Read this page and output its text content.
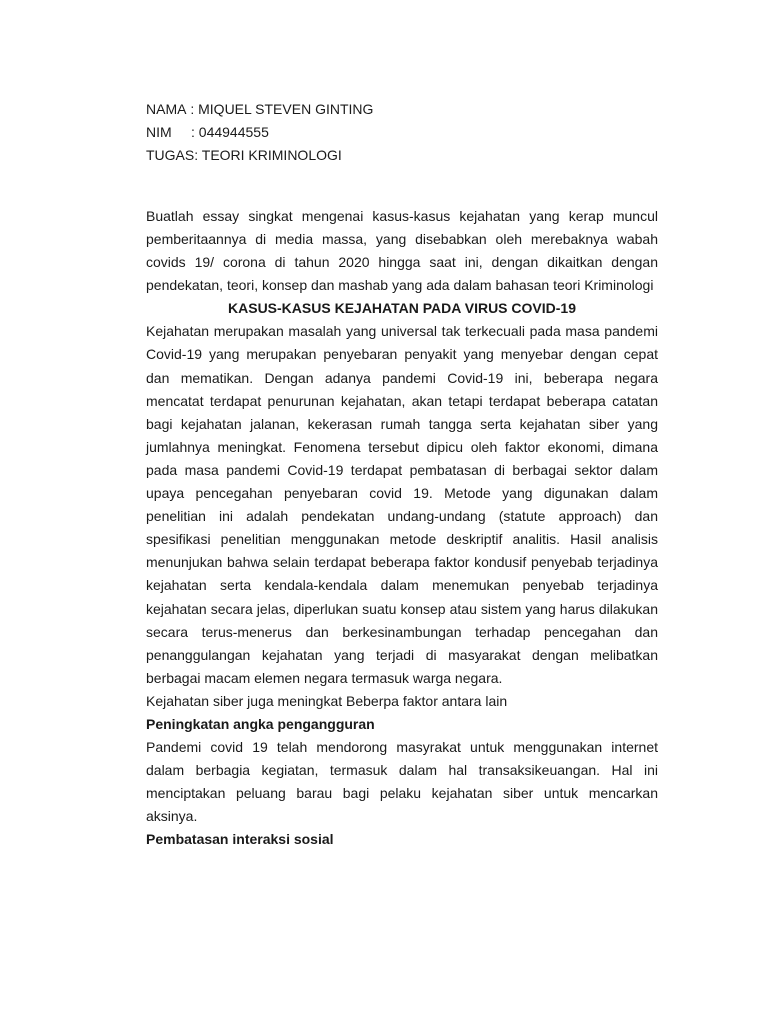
NAMA : MIQUEL STEVEN GINTING
NIM : 044944555
TUGAS: TEORI KRIMINOLOGI

Buatlah essay singkat mengenai kasus-kasus kejahatan yang kerap muncul pemberitaannya di media massa, yang disebabkan oleh merebaknya wabah covids 19/ corona di tahun 2020 hingga saat ini, dengan dikaitkan dengan pendekatan, teori, konsep dan mashab yang ada dalam bahasan teori Kriminologi

KASUS-KASUS KEJAHATAN PADA VIRUS COVID-19

Kejahatan merupakan masalah yang universal tak terkecuali pada masa pandemi Covid-19 yang merupakan penyebaran penyakit yang menyebar dengan cepat dan mematikan. Dengan adanya pandemi Covid-19 ini, beberapa negara mencatat terdapat penurunan kejahatan, akan tetapi terdapat beberapa catatan bagi kejahatan jalanan, kekerasan rumah tangga serta kejahatan siber yang jumlahnya meningkat. Fenomena tersebut dipicu oleh faktor ekonomi, dimana pada masa pandemi Covid-19 terdapat pembatasan di berbagai sektor dalam upaya pencegahan penyebaran covid 19. Metode yang digunakan dalam penelitian ini adalah pendekatan undang-undang (statute approach) dan spesifikasi penelitian menggunakan metode deskriptif analitis. Hasil analisis menunjukan bahwa selain terdapat beberapa faktor kondusif penyebab terjadinya kejahatan serta kendala-kendala dalam menemukan penyebab terjadinya kejahatan secara jelas, diperlukan suatu konsep atau sistem yang harus dilakukan secara terus-menerus dan berkesinambungan terhadap pencegahan dan penanggulangan kejahatan yang terjadi di masyarakat dengan melibatkan berbagai macam elemen negara termasuk warga negara.

Kejahatan siber juga meningkat Beberpa faktor antara lain

Peningkatan angka pengangguran

Pandemi covid 19 telah mendorong masyrakat untuk menggunakan internet dalam berbagia kegiatan, termasuk dalam hal transaksikeuangan. Hal ini menciptakan peluang barau bagi pelaku kejahatan siber untuk mencarkan aksinya.

Pembatasan interaksi sosial
